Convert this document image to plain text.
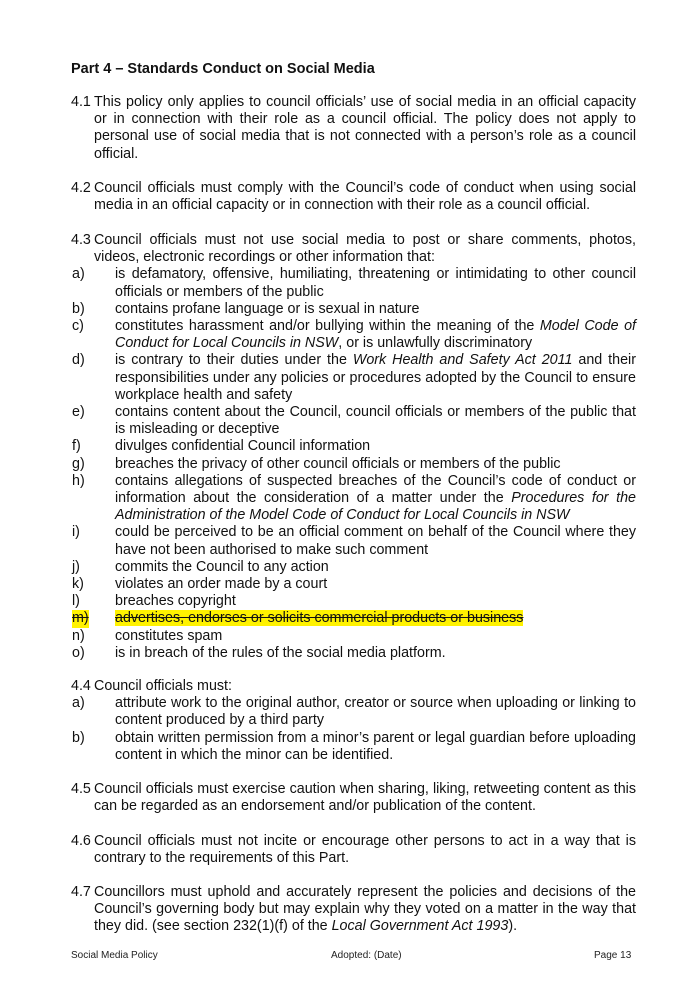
Part 4 – Standards Conduct on Social Media
4.1 This policy only applies to council officials’ use of social media in an official capacity or in connection with their role as a council official. The policy does not apply to personal use of social media that is not connected with a person’s role as a council official.
4.2 Council officials must comply with the Council’s code of conduct when using social media in an official capacity or in connection with their role as a council official.
4.3 Council officials must not use social media to post or share comments, photos, videos, electronic recordings or other information that:
a) is defamatory, offensive, humiliating, threatening or intimidating to other council officials or members of the public
b) contains profane language or is sexual in nature
c) constitutes harassment and/or bullying within the meaning of the Model Code of Conduct for Local Councils in NSW, or is unlawfully discriminatory
d) is contrary to their duties under the Work Health and Safety Act 2011 and their responsibilities under any policies or procedures adopted by the Council to ensure workplace health and safety
e) contains content about the Council, council officials or members of the public that is misleading or deceptive
f) divulges confidential Council information
g) breaches the privacy of other council officials or members of the public
h) contains allegations of suspected breaches of the Council’s code of conduct or information about the consideration of a matter under the Procedures for the Administration of the Model Code of Conduct for Local Councils in NSW
i) could be perceived to be an official comment on behalf of the Council where they have not been authorised to make such comment
j) commits the Council to any action
k) violates an order made by a court
l) breaches copyright
m) advertises, endorses or solicits commercial products or business
n) constitutes spam
o) is in breach of the rules of the social media platform.
4.4 Council officials must:
a) attribute work to the original author, creator or source when uploading or linking to content produced by a third party
b) obtain written permission from a minor’s parent or legal guardian before uploading content in which the minor can be identified.
4.5 Council officials must exercise caution when sharing, liking, retweeting content as this can be regarded as an endorsement and/or publication of the content.
4.6 Council officials must not incite or encourage other persons to act in a way that is contrary to the requirements of this Part.
4.7 Councillors must uphold and accurately represent the policies and decisions of the Council’s governing body but may explain why they voted on a matter in the way that they did. (see section 232(1)(f) of the Local Government Act 1993).
Social Media Policy	Adopted: (Date)	Page 13
